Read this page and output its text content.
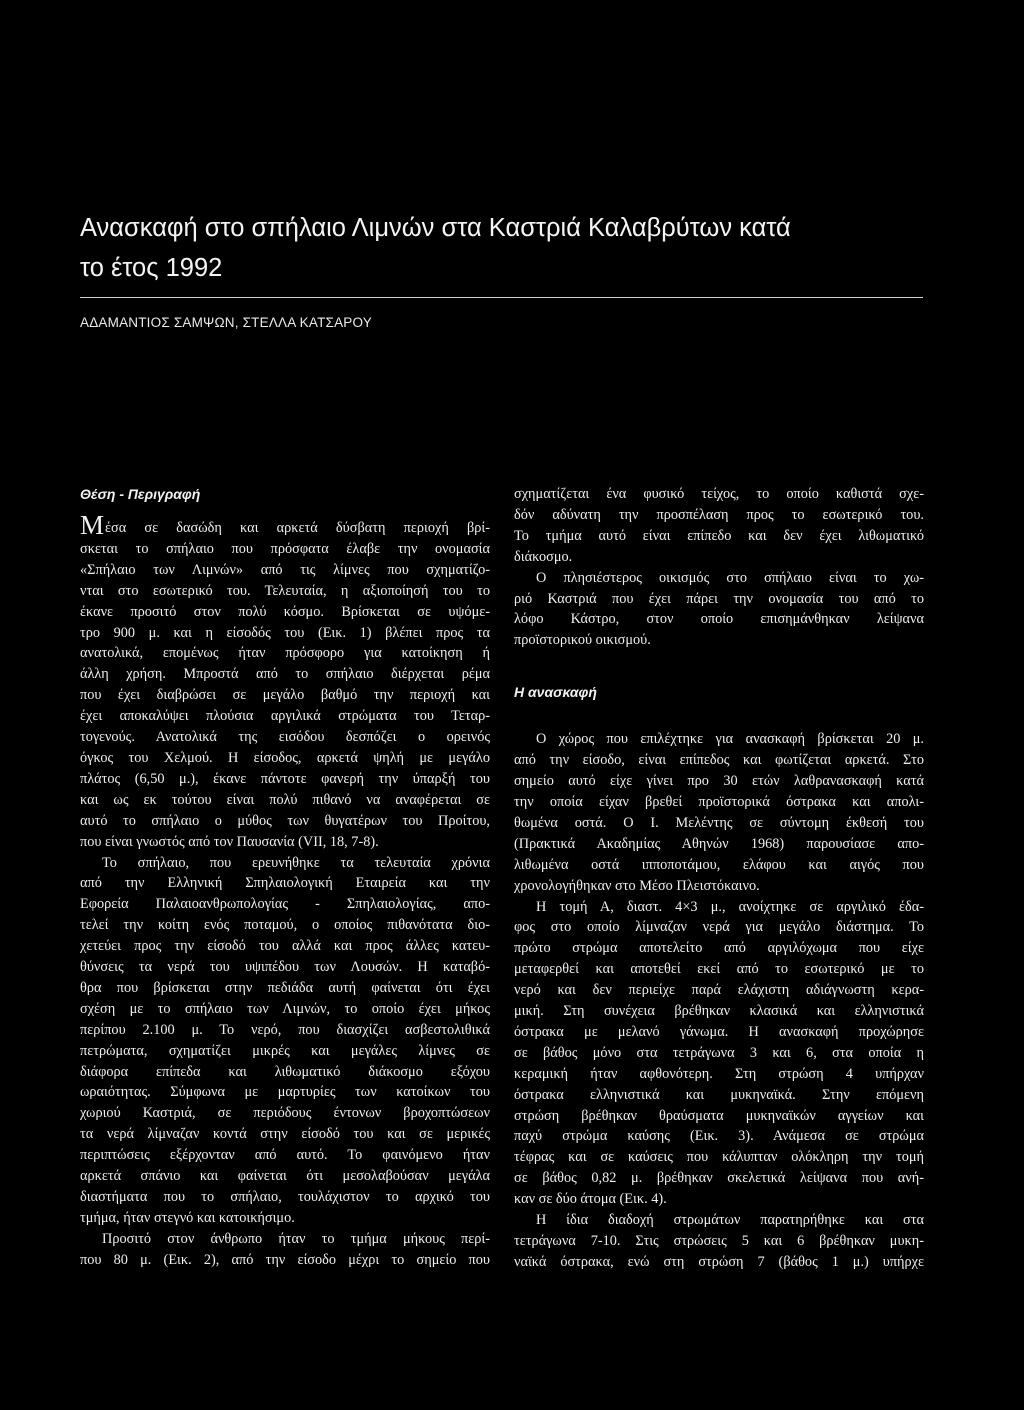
Ανασκαφή στο σπήλαιο Λιμνών στα Καστριά Καλαβρύτων κατά
το έτος 1992

ΑΔΑΜΑΝΤΙΟΣ ΣΑΜΨΩΝ, ΣΤΕΛΛΑ ΚΑΤΣΑΡΟΥ

Θέση - Περιγραφή
Μέσα σε δασώδη και αρκετά δύσβατη περιοχή βρί-
σκεται το σπήλαιο που πρόσφατα έλαβε την ονομασία
«Σπήλαιο των Λιμνών» από τις λίμνες που σχηματίζο-
νται στο εσωτερικό του. Τελευταία, η αξιοποίησή του το
έκανε προσιτό στον πολύ κόσμο. Βρίσκεται σε υψόμε-
τρο 900 μ. και η είσοδός του (Εικ. 1) βλέπει προς τα
ανατολικά, επομένως ήταν πρόσφορο για κατοίκηση ή
άλλη χρήση. Μπροστά από το σπήλαιο διέρχεται ρέμα
που έχει διαβρώσει σε μεγάλο βαθμό την περιοχή και
έχει αποκαλύψει πλούσια αργιλικά στρώματα του Τεταρ-
τογενούς. Ανατολικά της εισόδου δεσπόζει ο ορεινός
όγκος του Χελμού. Η είσοδος, αρκετά ψηλή με μεγάλο
πλάτος (6,50 μ.), έκανε πάντοτε φανερή την ύπαρξή του
και ως εκ τούτου είναι πολύ πιθανό να αναφέρεται σε
αυτό το σπήλαιο ο μύθος των θυγατέρων του Προίτου,
που είναι γνωστός από τον Παυσανία (VII, 18, 7-8).
Το σπήλαιο, που ερευνήθηκε τα τελευταία χρόνια
από την Ελληνική Σπηλαιολογική Εταιρεία και την
Εφορεία Παλαιοανθρωπολογίας - Σπηλαιολογίας, απο-
τελεί την κοίτη ενός ποταμού, ο οποίος πιθανότατα διο-
χετεύει προς την είσοδό του αλλά και προς άλλες κατευ-
θύνσεις τα νερά του υψιπέδου των Λουσών. Η καταβό-
θρα που βρίσκεται στην πεδιάδα αυτή φαίνεται ότι έχει
σχέση με το σπήλαιο των Λιμνών, το οποίο έχει μήκος
περίπου 2.100 μ. Το νερό, που διασχίζει ασβεστολιθικά
πετρώματα, σχηματίζει μικρές και μεγάλες λίμνες σε
διάφορα επίπεδα και λιθωματικό διάκοσμο εξόχου
ωραιότητας. Σύμφωνα με μαρτυρίες των κατοίκων του
χωριού Καστριά, σε περιόδους έντονων βροχοπτώσεων
τα νερά λίμναζαν κοντά στην είσοδό του και σε μερικές
περιπτώσεις εξέρχονταν από αυτό. Το φαινόμενο ήταν
αρκετά σπάνιο και φαίνεται ότι μεσολαβούσαν μεγάλα
διαστήματα που το σπήλαιο, τουλάχιστον το αρχικό του
τμήμα, ήταν στεγνό και κατοικήσιμο.
Προσιτό στον άνθρωπο ήταν το τμήμα μήκους περί-
που 80 μ. (Εικ. 2), από την είσοδο μέχρι το σημείο που
σχηματίζεται ένα φυσικό τείχος, το οποίο καθιστά σχε-
δόν αδύνατη την προσπέλαση προς το εσωτερικό του.
Το τμήμα αυτό είναι επίπεδο και δεν έχει λιθωματικό
διάκοσμο.
Ο πλησιέστερος οικισμός στο σπήλαιο είναι το χω-
ριό Καστριά που έχει πάρει την ονομασία του από το
λόφο Κάστρο, στον οποίο επισημάνθηκαν λείψανα
προϊστορικού οικισμού.
Η ανασκαφή
Ο χώρος που επιλέχτηκε για ανασκαφή βρίσκεται 20 μ.
από την είσοδο, είναι επίπεδος και φωτίζεται αρκετά. Στο
σημείο αυτό είχε γίνει προ 30 ετών λαθρανασκαφή κατά
την οποία είχαν βρεθεί προϊστορικά όστρακα και απολι-
θωμένα οστά. Ο Ι. Μελέντης σε σύντομη έκθεσή του
(Πρακτικά Ακαδημίας Αθηνών 1968) παρουσίασε απο-
λιθωμένα οστά ιπποποτάμου, ελάφου και αιγός που
χρονολογήθηκαν στο Μέσο Πλειστόκαινο.
Η τομή Α, διαστ. 4×3 μ., ανοίχτηκε σε αργιλικό έδα-
φος στο οποίο λίμναζαν νερά για μεγάλο διάστημα. Το
πρώτο στρώμα αποτελείτο από αργιλόχωμα που είχε
μεταφερθεί και αποτεθεί εκεί από το εσωτερικό με το
νερό και δεν περιείχε παρά ελάχιστη αδιάγνωστη κερα-
μική. Στη συνέχεια βρέθηκαν κλασικά και ελληνιστικά
όστρακα με μελανό γάνωμα. Η ανασκαφή προχώρησε
σε βάθος μόνο στα τετράγωνα 3 και 6, στα οποία η
κεραμική ήταν αφθονότερη. Στη στρώση 4 υπήρχαν
όστρακα ελληνιστικά και μυκηναϊκά. Στην επόμενη
στρώση βρέθηκαν θραύσματα μυκηναϊκών αγγείων και
παχύ στρώμα καύσης (Εικ. 3). Ανάμεσα σε στρώμα
τέφρας και σε καύσεις που κάλυπταν ολόκληρη την τομή
σε βάθος 0,82 μ. βρέθηκαν σκελετικά λείψανα που ανή-
καν σε δύο άτομα (Εικ. 4).
Η ίδια διαδοχή στρωμάτων παρατηρήθηκε και στα
τετράγωνα 7-10. Στις στρώσεις 5 και 6 βρέθηκαν μυκη-
ναϊκά όστρακα, ενώ στη στρώση 7 (βάθος 1 μ.) υπήρχε
